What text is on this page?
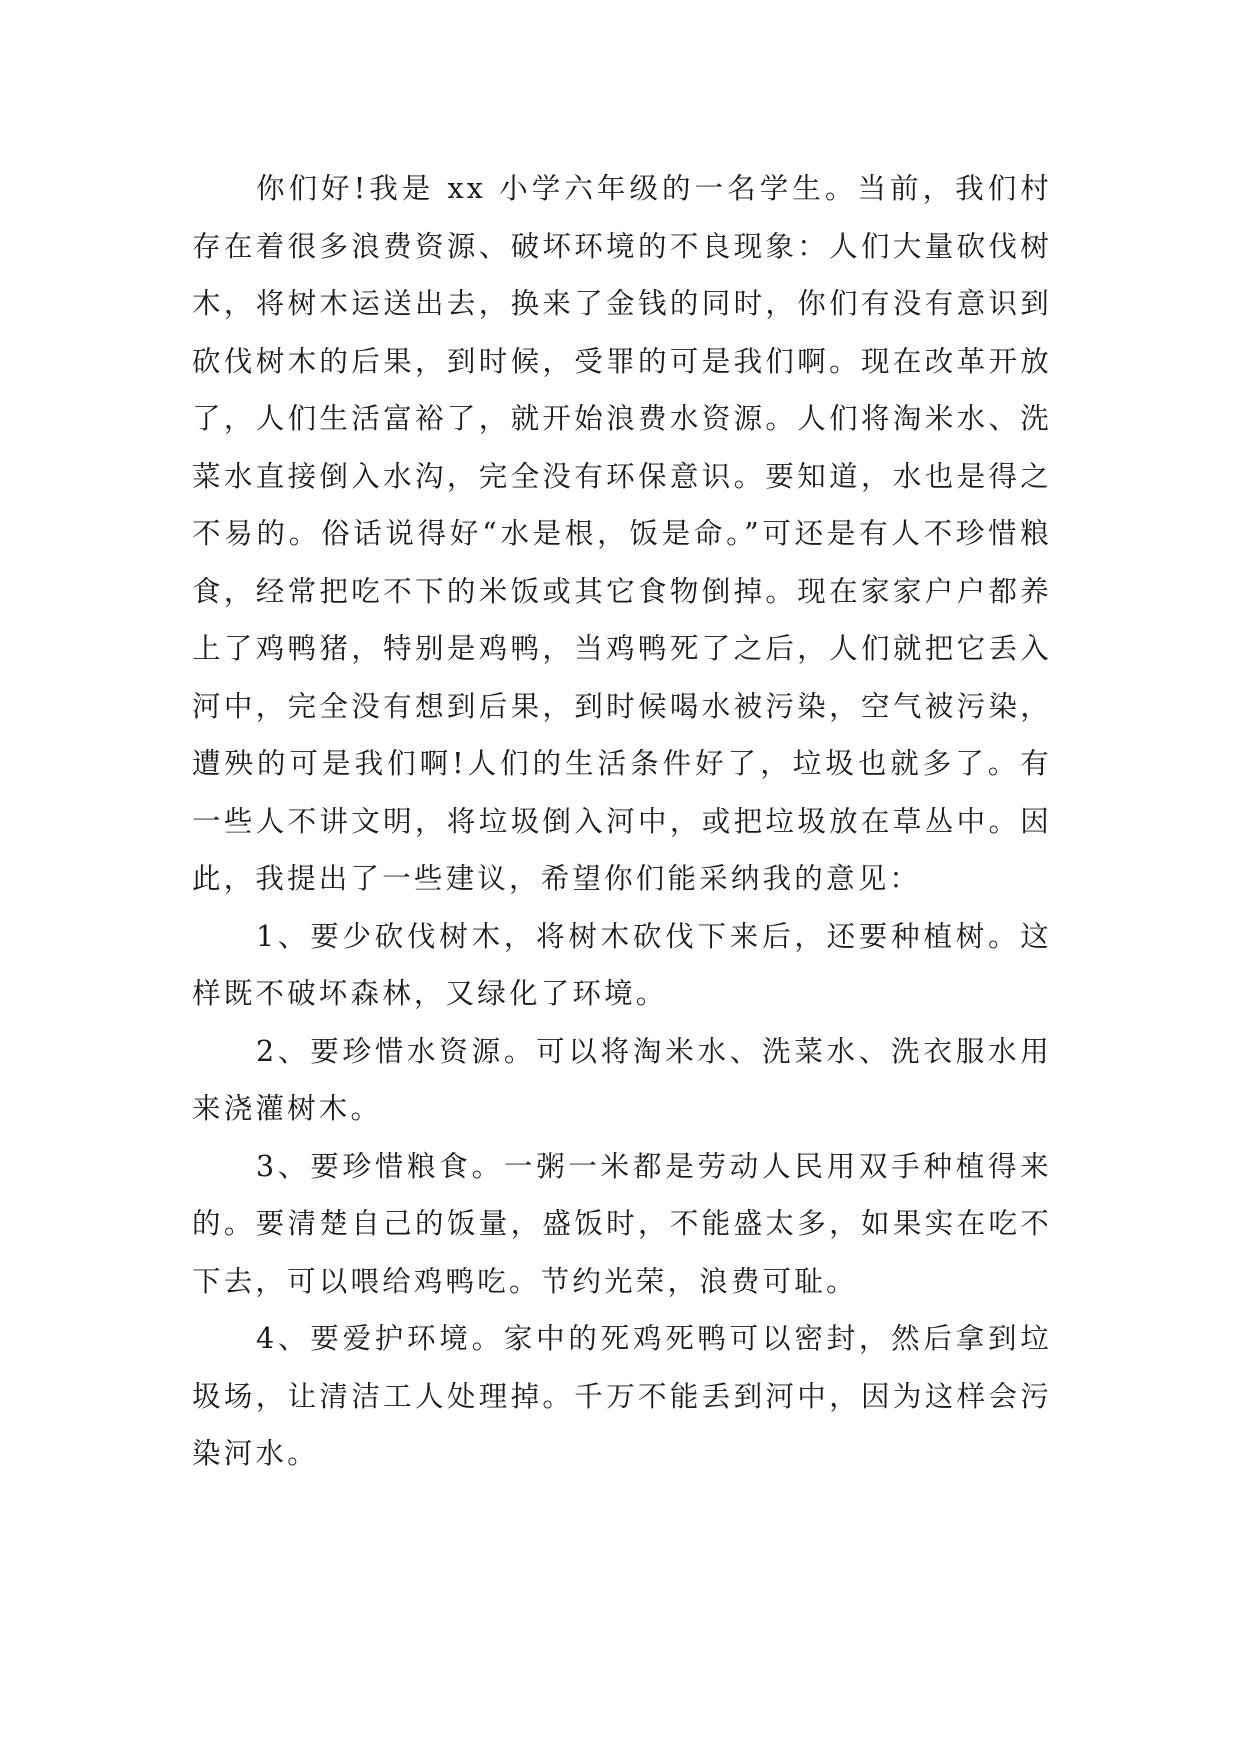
你们好!我是 xx 小学六年级的一名学生。当前，我们村存在着很多浪费资源、破坏环境的不良现象：人们大量砍伐树木，将树木运送出去，换来了金钱的同时，你们有没有意识到砍伐树木的后果，到时候，受罪的可是我们啊。现在改革开放了，人们生活富裕了，就开始浪费水资源。人们将淘米水、洗菜水直接倒入水沟，完全没有环保意识。要知道，水也是得之不易的。俗话说得好“水是根，饭是命。”可还是有人不珍惜粮食，经常把吃不下的米饭或其它食物倒掉。现在家家户户都养上了鸡鸭猪，特别是鸡鸭，当鸡鸭死了之后，人们就把它丢入河中，完全没有想到后果，到时候喝水被污染，空气被污染，遭殃的可是我们啊!人们的生活条件好了，垃圾也就多了。有一些人不讲文明，将垃圾倒入河中，或把垃圾放在草丛中。因此，我提出了一些建议，希望你们能采纳我的意见：

1、要少砍伐树木，将树木砍伐下来后，还要种植树。这样既不破坏森林，又绿化了环境。

2、要珍惜水资源。可以将淘米水、洗菜水、洗衣服水用来浇灌树木。

3、要珍惜粮食。一粥一米都是劳动人民用双手种植得来的。要清楚自己的饭量，盛饭时，不能盛太多，如果实在吃不下去，可以喂给鸡鸭吃。节约光荣，浪费可耻。

4、要爱护环境。家中的死鸡死鸭可以密封，然后拿到垃圾场，让清洁工人处理掉。千万不能丢到河中，因为这样会污染河水。
